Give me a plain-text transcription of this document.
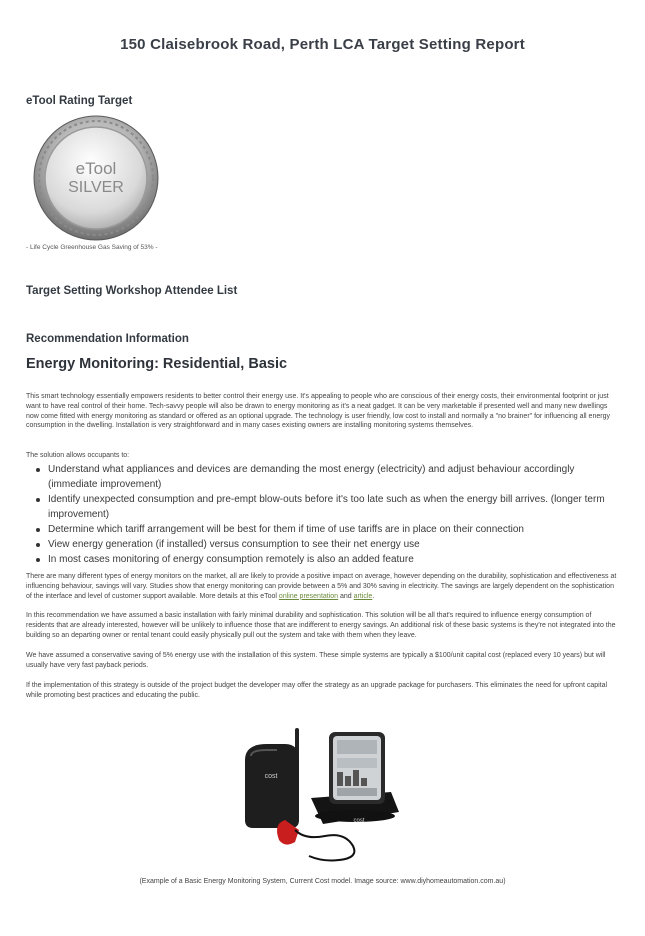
150 Claisebrook Road, Perth LCA Target Setting Report
eTool Rating Target
eTool
SILVER
- Life Cycle Greenhouse Gas Saving of 53% -
Target Setting Workshop Attendee List
Recommendation Information
Energy Monitoring: Residential, Basic

This smart technology essentially empowers residents to better control their energy use. It's appealing to people who are conscious of their energy costs, their environmental footprint or just want to have real control of their home. Tech-savvy people will also be drawn to energy monitoring as it's a neat gadget. It can be very marketable if presented well and many new dwellings now come fitted with energy monitoring as standard or offered as an optional upgrade. The technology is user friendly, low cost to install and normally a "no brainer" for influencing all energy consumption in the dwelling. Installation is very straightforward and in many cases existing owners are installing monitoring systems themselves.

The solution allows occupants to:

Understand what appliances and devices are demanding the most energy (electricity) and adjust behaviour accordingly (immediate improvement)
Identify unexpected consumption and pre-empt blow-outs before it's too late such as when the energy bill arrives. (longer term improvement)
Determine which tariff arrangement will be best for them if time of use tariffs are in place on their connection
View energy generation (if installed) versus consumption to see their net energy use
In most cases monitoring of energy consumption remotely is also an added feature

There are many different types of energy monitors on the market, all are likely to provide a positive impact on average, however depending on the durability, sophistication and effectiveness at influencing behaviour, savings will vary. Studies show that energy monitoring can provide between a 5% and 30% saving in electricity. The savings are largely dependent on the sophistication of the interface and level of customer support available. More details at this eTool online presentation and article.

In this recommendation we have assumed a basic installation with fairly minimal durability and sophistication. This solution will be all that's required to influence energy consumption of residents that are already interested, however will be unlikely to influence those that are indifferent to energy savings. An additional risk of these basic systems is they're not integrated into the building so an departing owner or rental tenant could easily physically pull out the system and take with them when they leave.

We have assumed a conservative saving of 5% energy use with the installation of this system. These simple systems are typically a $100/unit capital cost (replaced every 10 years) but will usually have very fast payback periods.

If the implementation of this strategy is outside of the project budget the developer may offer the strategy as an upgrade package for purchasers. This eliminates the need for upfront capital while promoting best practices and educating the public.

cost
cost
(Example of a Basic Energy Monitoring System, Current Cost model. Image source: www.diyhomeautomation.com.au)
